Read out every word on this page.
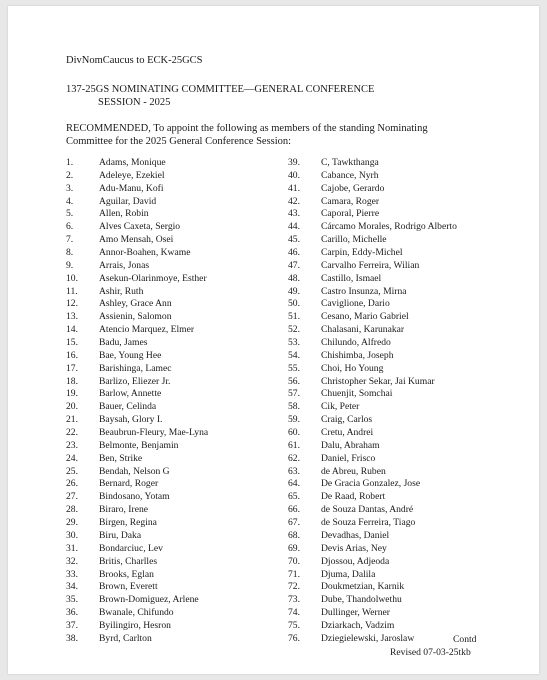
DivNomCaucus to ECK-25GCS
137-25GS NOMINATING COMMITTEE—GENERAL CONFERENCE
SESSION - 2025
RECOMMENDED, To appoint the following as members of the standing Nominating
Committee for the 2025 General Conference Session:
1.	Adams, Monique
2.	Adeleye, Ezekiel
3.	Adu-Manu, Kofi
4.	Aguilar, David
5.	Allen, Robin
6.	Alves Caxeta, Sergio
7.	Amo Mensah, Osei
8.	Annor-Boahen, Kwame
9.	Arrais, Jonas
10. Asekun-Olarinmoye, Esther
11. Ashir, Ruth
12. Ashley, Grace Ann
13. Assienin, Salomon
14. Atencio Marquez, Elmer
15. Badu, James
16. Bae, Young Hee
17. Barishinga, Lamec
18. Barlizo, Eliezer Jr.
19. Barlow, Annette
20. Bauer, Celinda
21. Baysah, Glory I.
22. Beaubrun-Fleury, Mae-Lyna
23. Belmonte, Benjamin
24. Ben, Strike
25. Bendah, Nelson G
26. Bernard, Roger
27. Bindosano, Yotam
28. Biraro, Irene
29. Birgen, Regina
30. Biru, Daka
31. Bondarciuc, Lev
32. Britis, Charlles
33. Brooks, Eglan
34. Brown, Everett
35. Brown-Domiguez, Arlene
36. Bwanale, Chifundo
37. Byilingiro, Hesron
38. Byrd, Carlton
39. C, Tawkthanga
40. Cabance, Nyrh
41. Cajobe, Gerardo
42. Camara, Roger
43. Caporal, Pierre
44. Cárcamo Morales, Rodrigo Alberto
45. Carillo, Michelle
46. Carpin, Eddy-Michel
47. Carvalho Ferreira, Wilian
48. Castillo, Ismael
49. Castro Insunza, Mirna
50. Caviglione, Dario
51. Cesano, Mario Gabriel
52. Chalasani, Karunakar
53. Chilundo, Alfredo
54. Chishimba, Joseph
55. Choi, Ho Young
56. Christopher Sekar, Jai Kumar
57. Chuenjit, Somchai
58. Cik, Peter
59. Craig, Carlos
60. Cretu, Andrei
61. Dalu, Abraham
62. Daniel, Frisco
63. de Abreu, Ruben
64. De Gracia Gonzalez, Jose
65. De Raad, Robert
66. de Souza Dantas, André
67. de Souza Ferreira, Tiago
68. Devadhas, Daniel
69. Devis Arias, Ney
70. Djossou, Adjeoda
71. Djuma, Dalila
72. Doukmetzian, Karnik
73. Dube, Thandolwethu
74. Dullinger, Werner
75. Dziarkach, Vadzim
76. Dziegielewski, Jaroslaw	Contd
Revised 07-03-25tkb
